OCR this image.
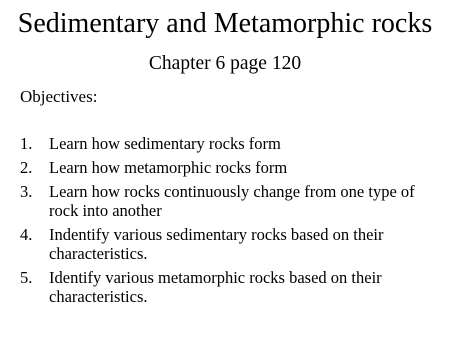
Sedimentary and Metamorphic rocks
Chapter 6 page 120
Objectives:
1.	Learn how sedimentary rocks form
2.	Learn how metamorphic rocks form
3.	Learn how rocks continuously change from one type of rock into another
4.	Indentify various sedimentary rocks based on their characteristics.
5.	Identify various metamorphic rocks based on their characteristics.
